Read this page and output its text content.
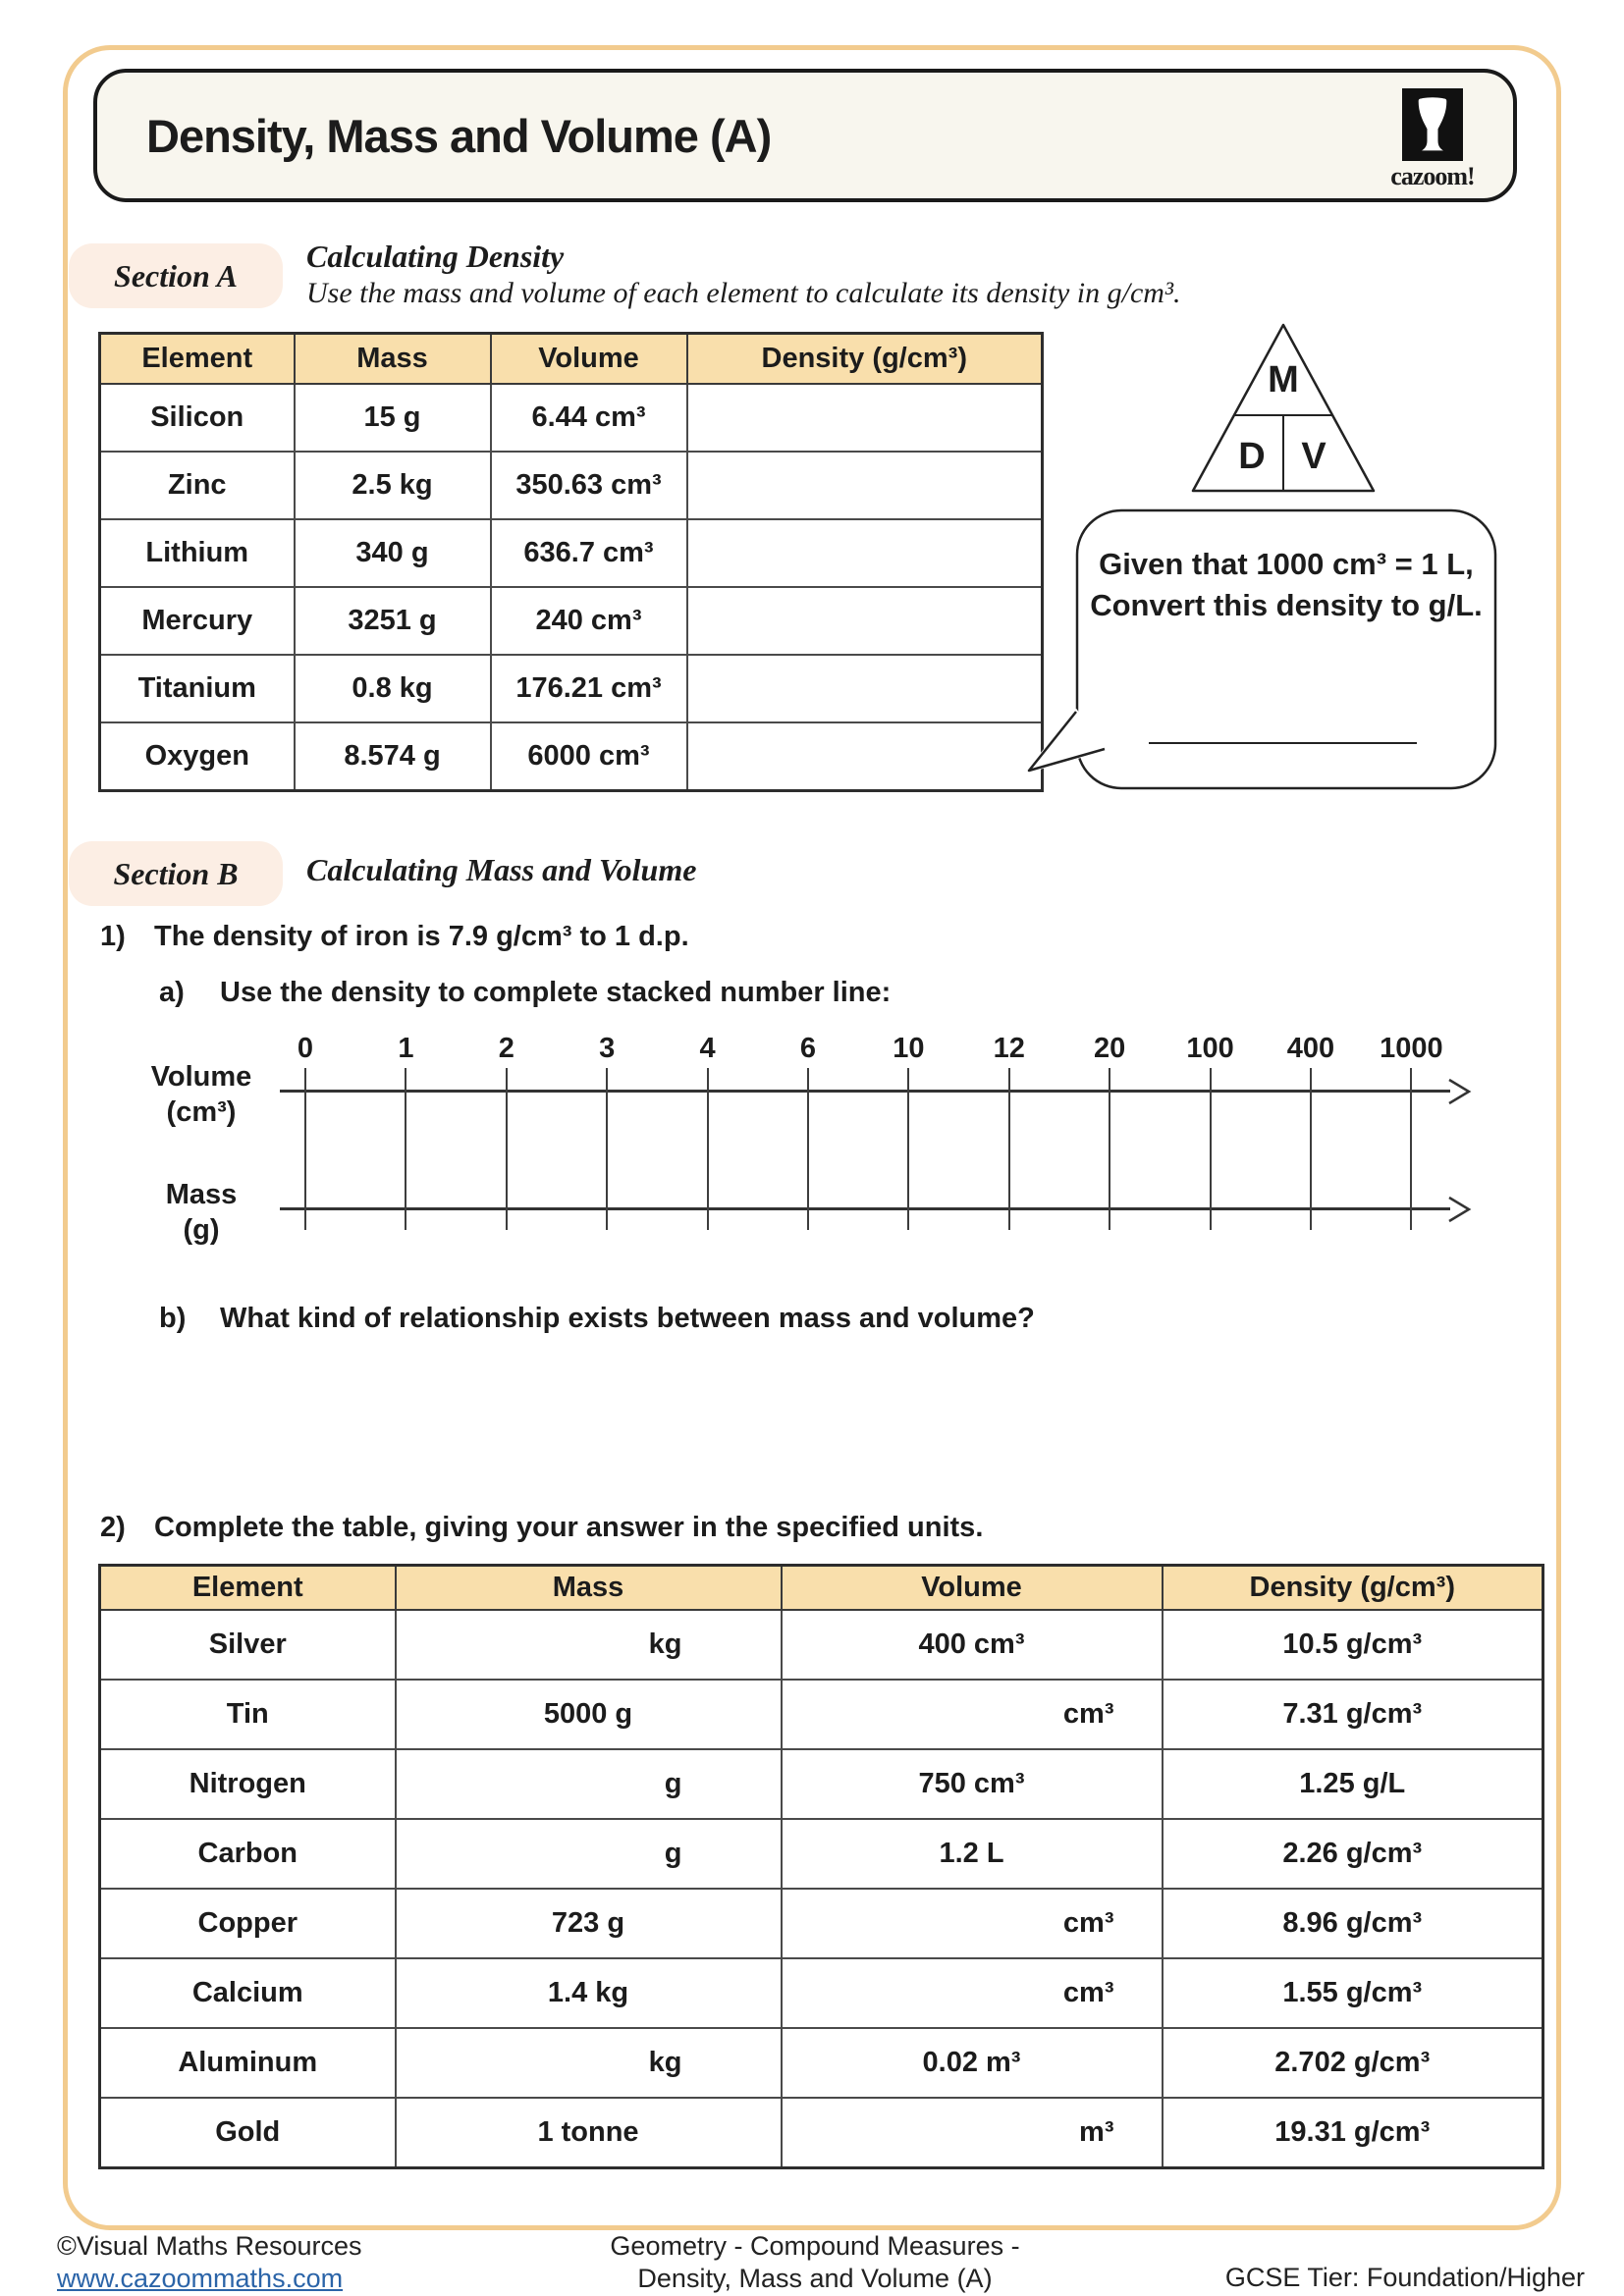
Density, Mass and Volume (A)
cazoom!
Section A
Calculating Density
Use the mass and volume of each element to calculate its density in g/cm³.
Element	Mass	Volume	Density (g/cm³)
Silicon	15 g	6.44 cm³	
Zinc	2.5 kg	350.63 cm³	
Lithium	340 g	636.7 cm³	
Mercury	3251 g	240 cm³	
Titanium	0.8 kg	176.21 cm³	
Oxygen	8.574 g	6000 cm³	
M
D V
Given that 1000 cm³ = 1 L,
Convert this density to g/L.
Section B Calculating Mass and Volume
1) The density of iron is 7.9 g/cm³ to 1 d.p.
a) Use the density to complete stacked number line:
Volume
(cm³)
Mass
(g)
0	1	2	3	4	6	10 12 20 100 400 1000
b) What kind of relationship exists between mass and volume?
2) Complete the table, giving your answer in the specified units.
Element	Mass	Volume	Density (g/cm³)
Silver	kg	400 cm³	10.5 g/cm³
Tin	5000 g	cm³	7.31 g/cm³
Nitrogen	g	750 cm³	1.25 g/L
Carbon	g	1.2 L	2.26 g/cm³
Copper	723 g	cm³	8.96 g/cm³
Calcium	1.4 kg	cm³	1.55 g/cm³
Aluminum	kg	0.02 m³	2.702 g/cm³
Gold	1 tonne	m³	19.31 g/cm³
©Visual Maths Resources
www.cazoommaths.com
Geometry - Compound Measures -
Density, Mass and Volume (A)	GCSE Tier: Foundation/Higher
